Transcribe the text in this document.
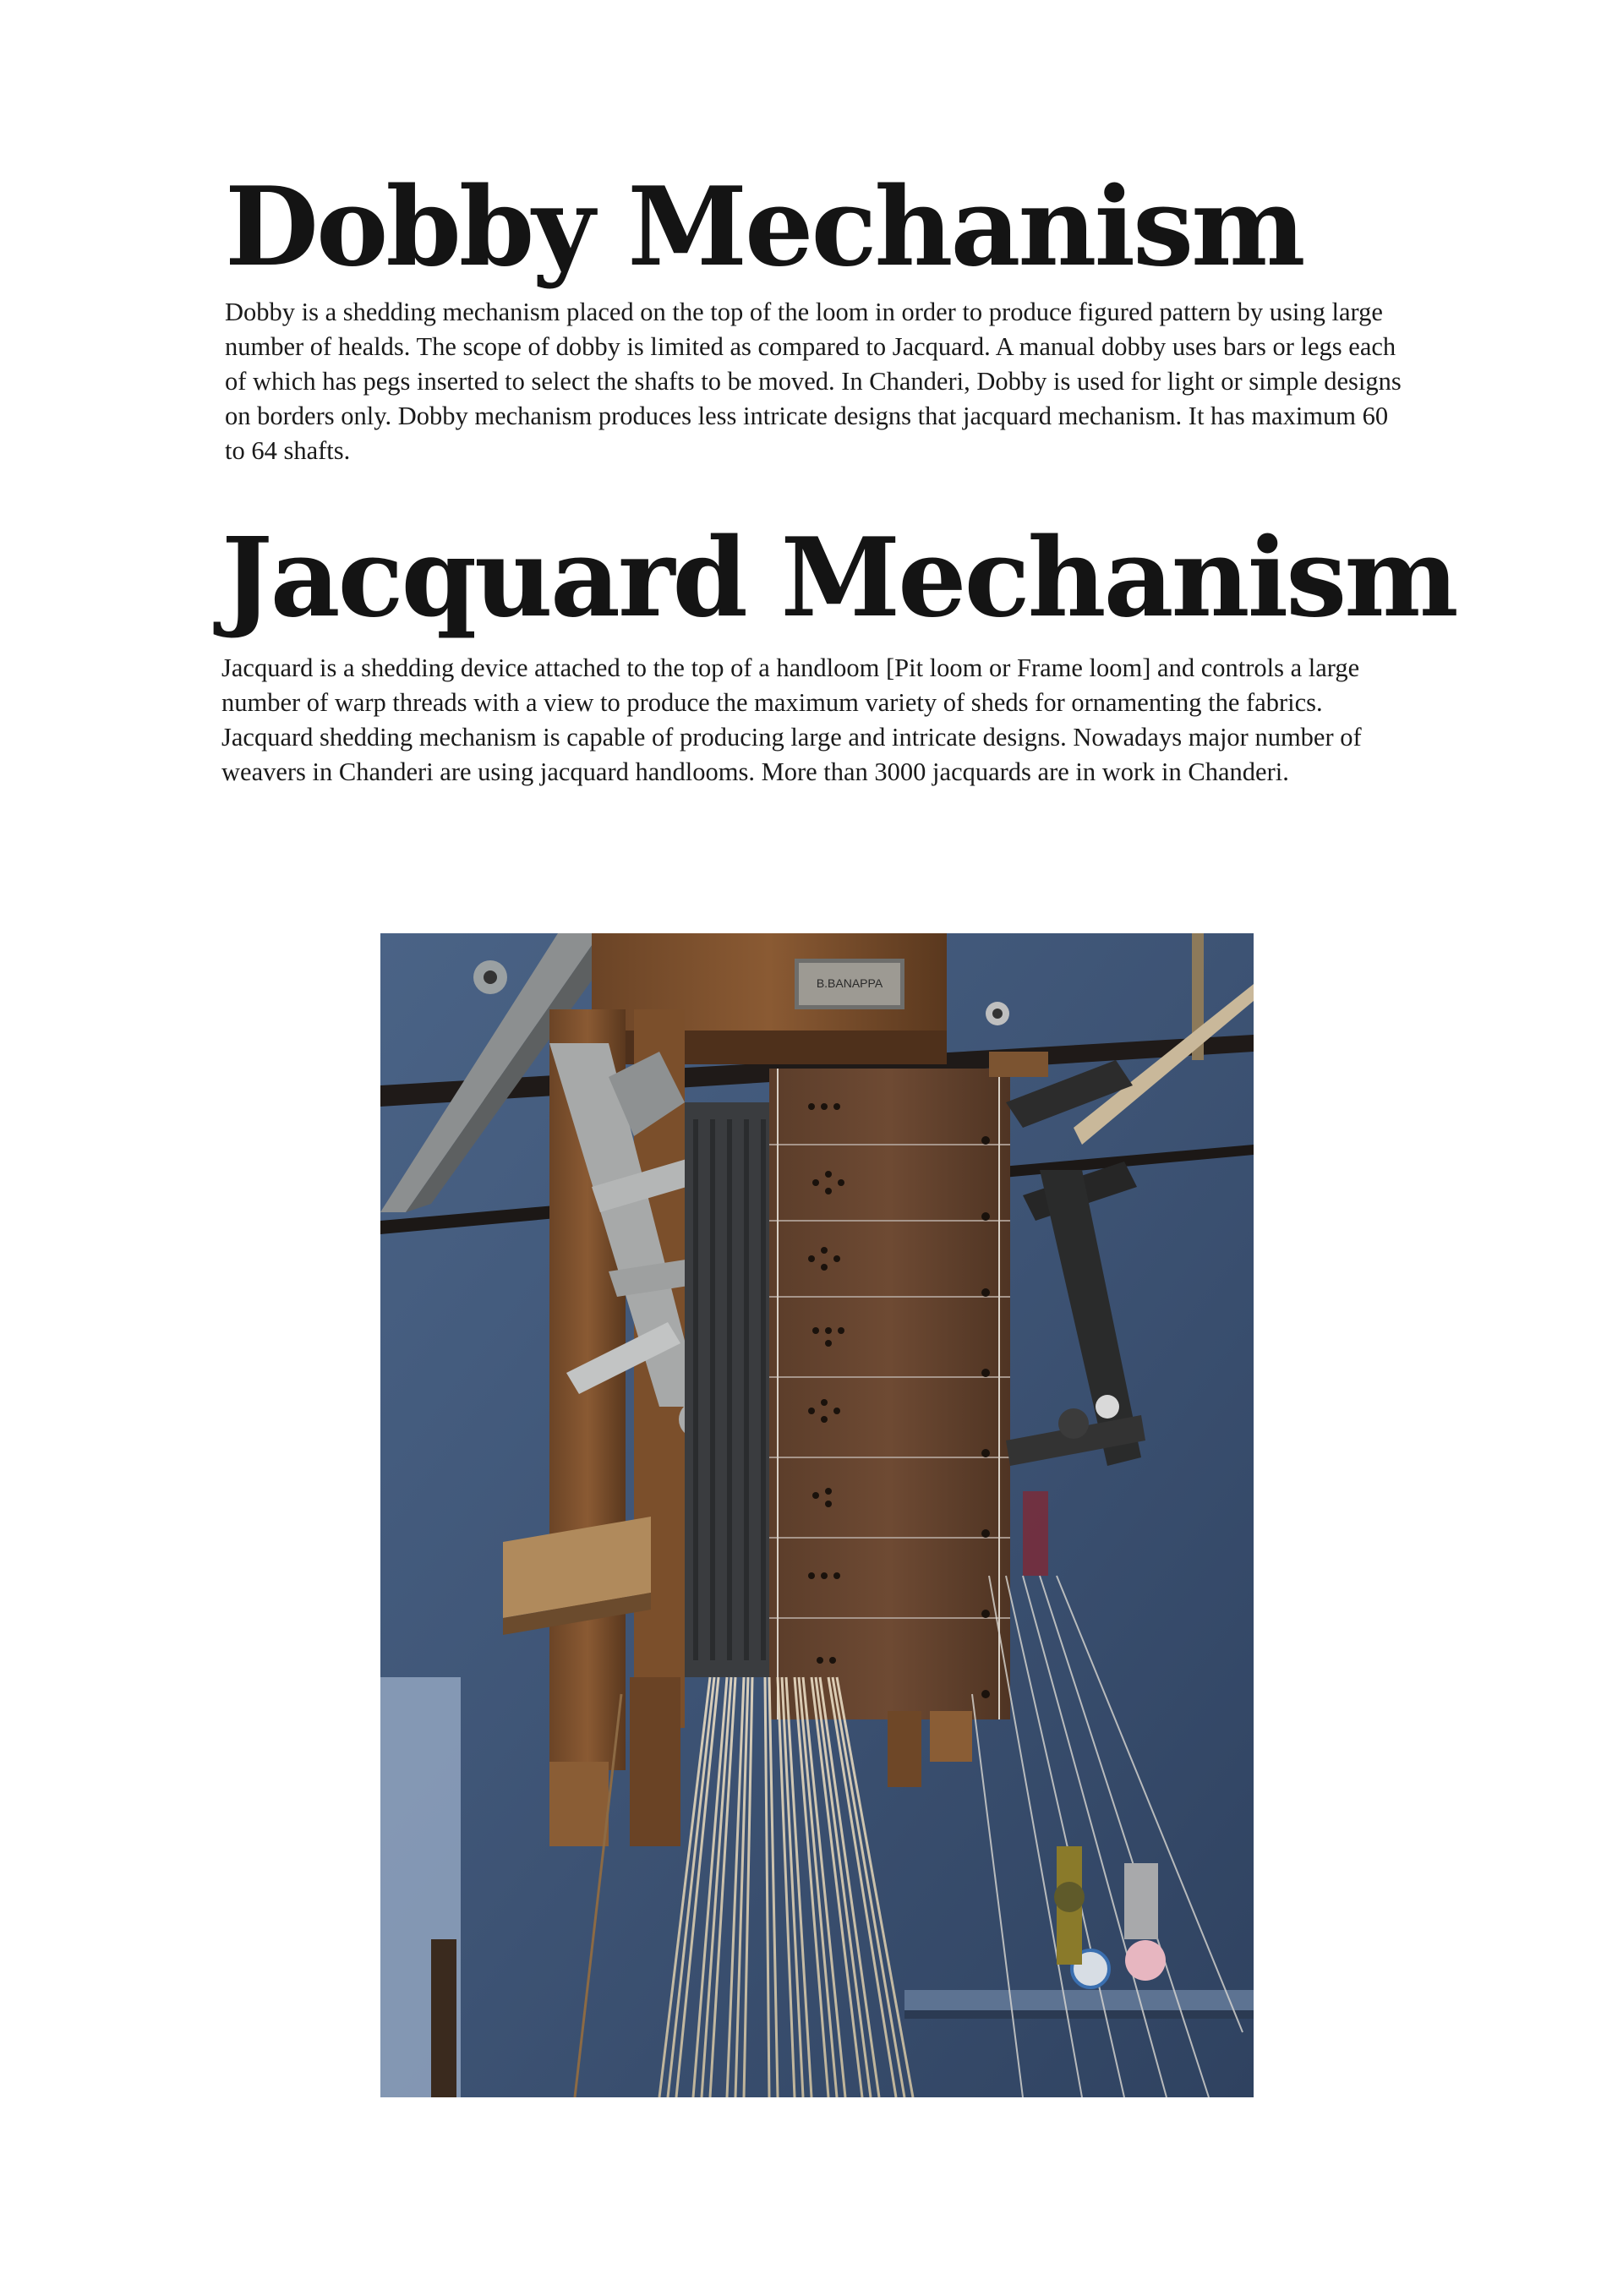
Dobby Mechanism

Dobby is a shedding mechanism placed on the top of the loom in order to produce figured pattern by using large number of healds. The scope of dobby is limited as compared to Jacquard. A manual dobby uses bars or legs each of which has pegs inserted to select the shafts to be moved. In Chanderi, Dobby is used for light or simple designs on borders only. Dobby mechanism produces less intricate designs that jacquard mechanism. It has maximum 60 to 64 shafts.

Jacquard Mechanism

Jacquard is a shedding device attached to the top of a handloom [Pit loom or Frame loom] and controls a large number of warp threads with a view to produce the maximum variety of sheds for ornamenting the fabrics. Jacquard shedding mechanism is capable of producing large and intricate designs. Nowadays major number of weavers in Chanderi are using jacquard handlooms. More than 3000 jacquards are in work in Chanderi.

B.BANAPPA
